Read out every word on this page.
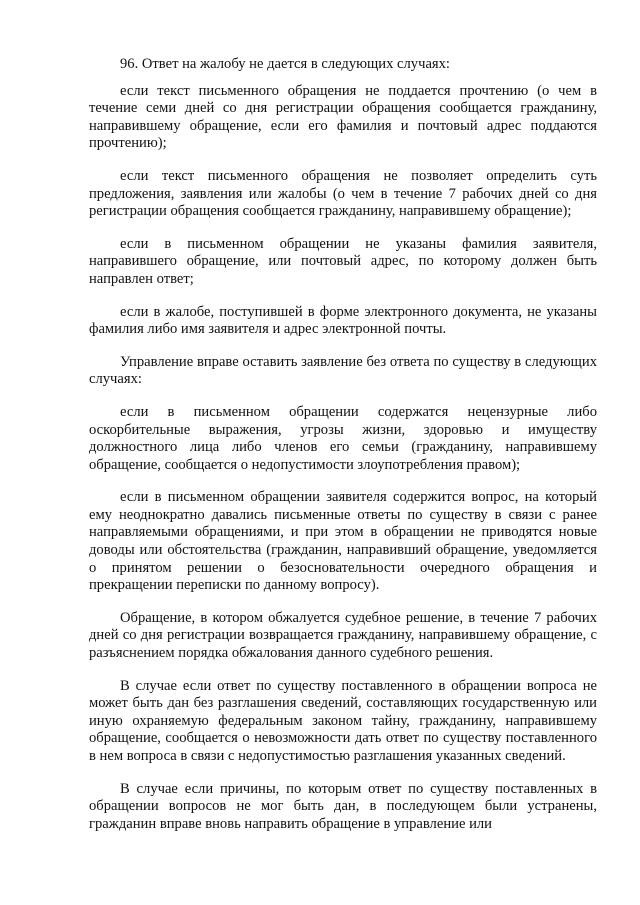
96. Ответ на жалобу не дается в следующих случаях:

если текст письменного обращения не поддается прочтению (о чем в течение семи дней со дня регистрации обращения сообщается гражданину, направившему обращение, если его фамилия и почтовый адрес поддаются прочтению);

если текст письменного обращения не позволяет определить суть предложения, заявления или жалобы (о чем в течение 7 рабочих дней со дня регистрации обращения сообщается гражданину, направившему обращение);

если в письменном обращении не указаны фамилия заявителя, направившего обращение, или почтовый адрес, по которому должен быть направлен ответ;

если в жалобе, поступившей в форме электронного документа, не указаны фамилия либо имя заявителя и адрес электронной почты.

Управление вправе оставить заявление без ответа по существу в следующих случаях:

если в письменном обращении содержатся нецензурные либо оскорбительные выражения, угрозы жизни, здоровью и имуществу должностного лица либо членов его семьи (гражданину, направившему обращение, сообщается о недопустимости злоупотребления правом);

если в письменном обращении заявителя содержится вопрос, на который ему неоднократно давались письменные ответы по существу в связи с ранее направляемыми обращениями, и при этом в обращении не приводятся новые доводы или обстоятельства (гражданин, направивший обращение, уведомляется о принятом решении о безосновательности очередного обращения и прекращении переписки по данному вопросу).

Обращение, в котором обжалуется судебное решение, в течение 7 рабочих дней со дня регистрации возвращается гражданину, направившему обращение, с разъяснением порядка обжалования данного судебного решения.

В случае если ответ по существу поставленного в обращении вопроса не может быть дан без разглашения сведений, составляющих государственную или иную охраняемую федеральным законом тайну, гражданину, направившему обращение, сообщается о невозможности дать ответ по существу поставленного в нем вопроса в связи с недопустимостью разглашения указанных сведений.

В случае если причины, по которым ответ по существу поставленных в обращении вопросов не мог быть дан, в последующем были устранены, гражданин вправе вновь направить обращение в управление или
